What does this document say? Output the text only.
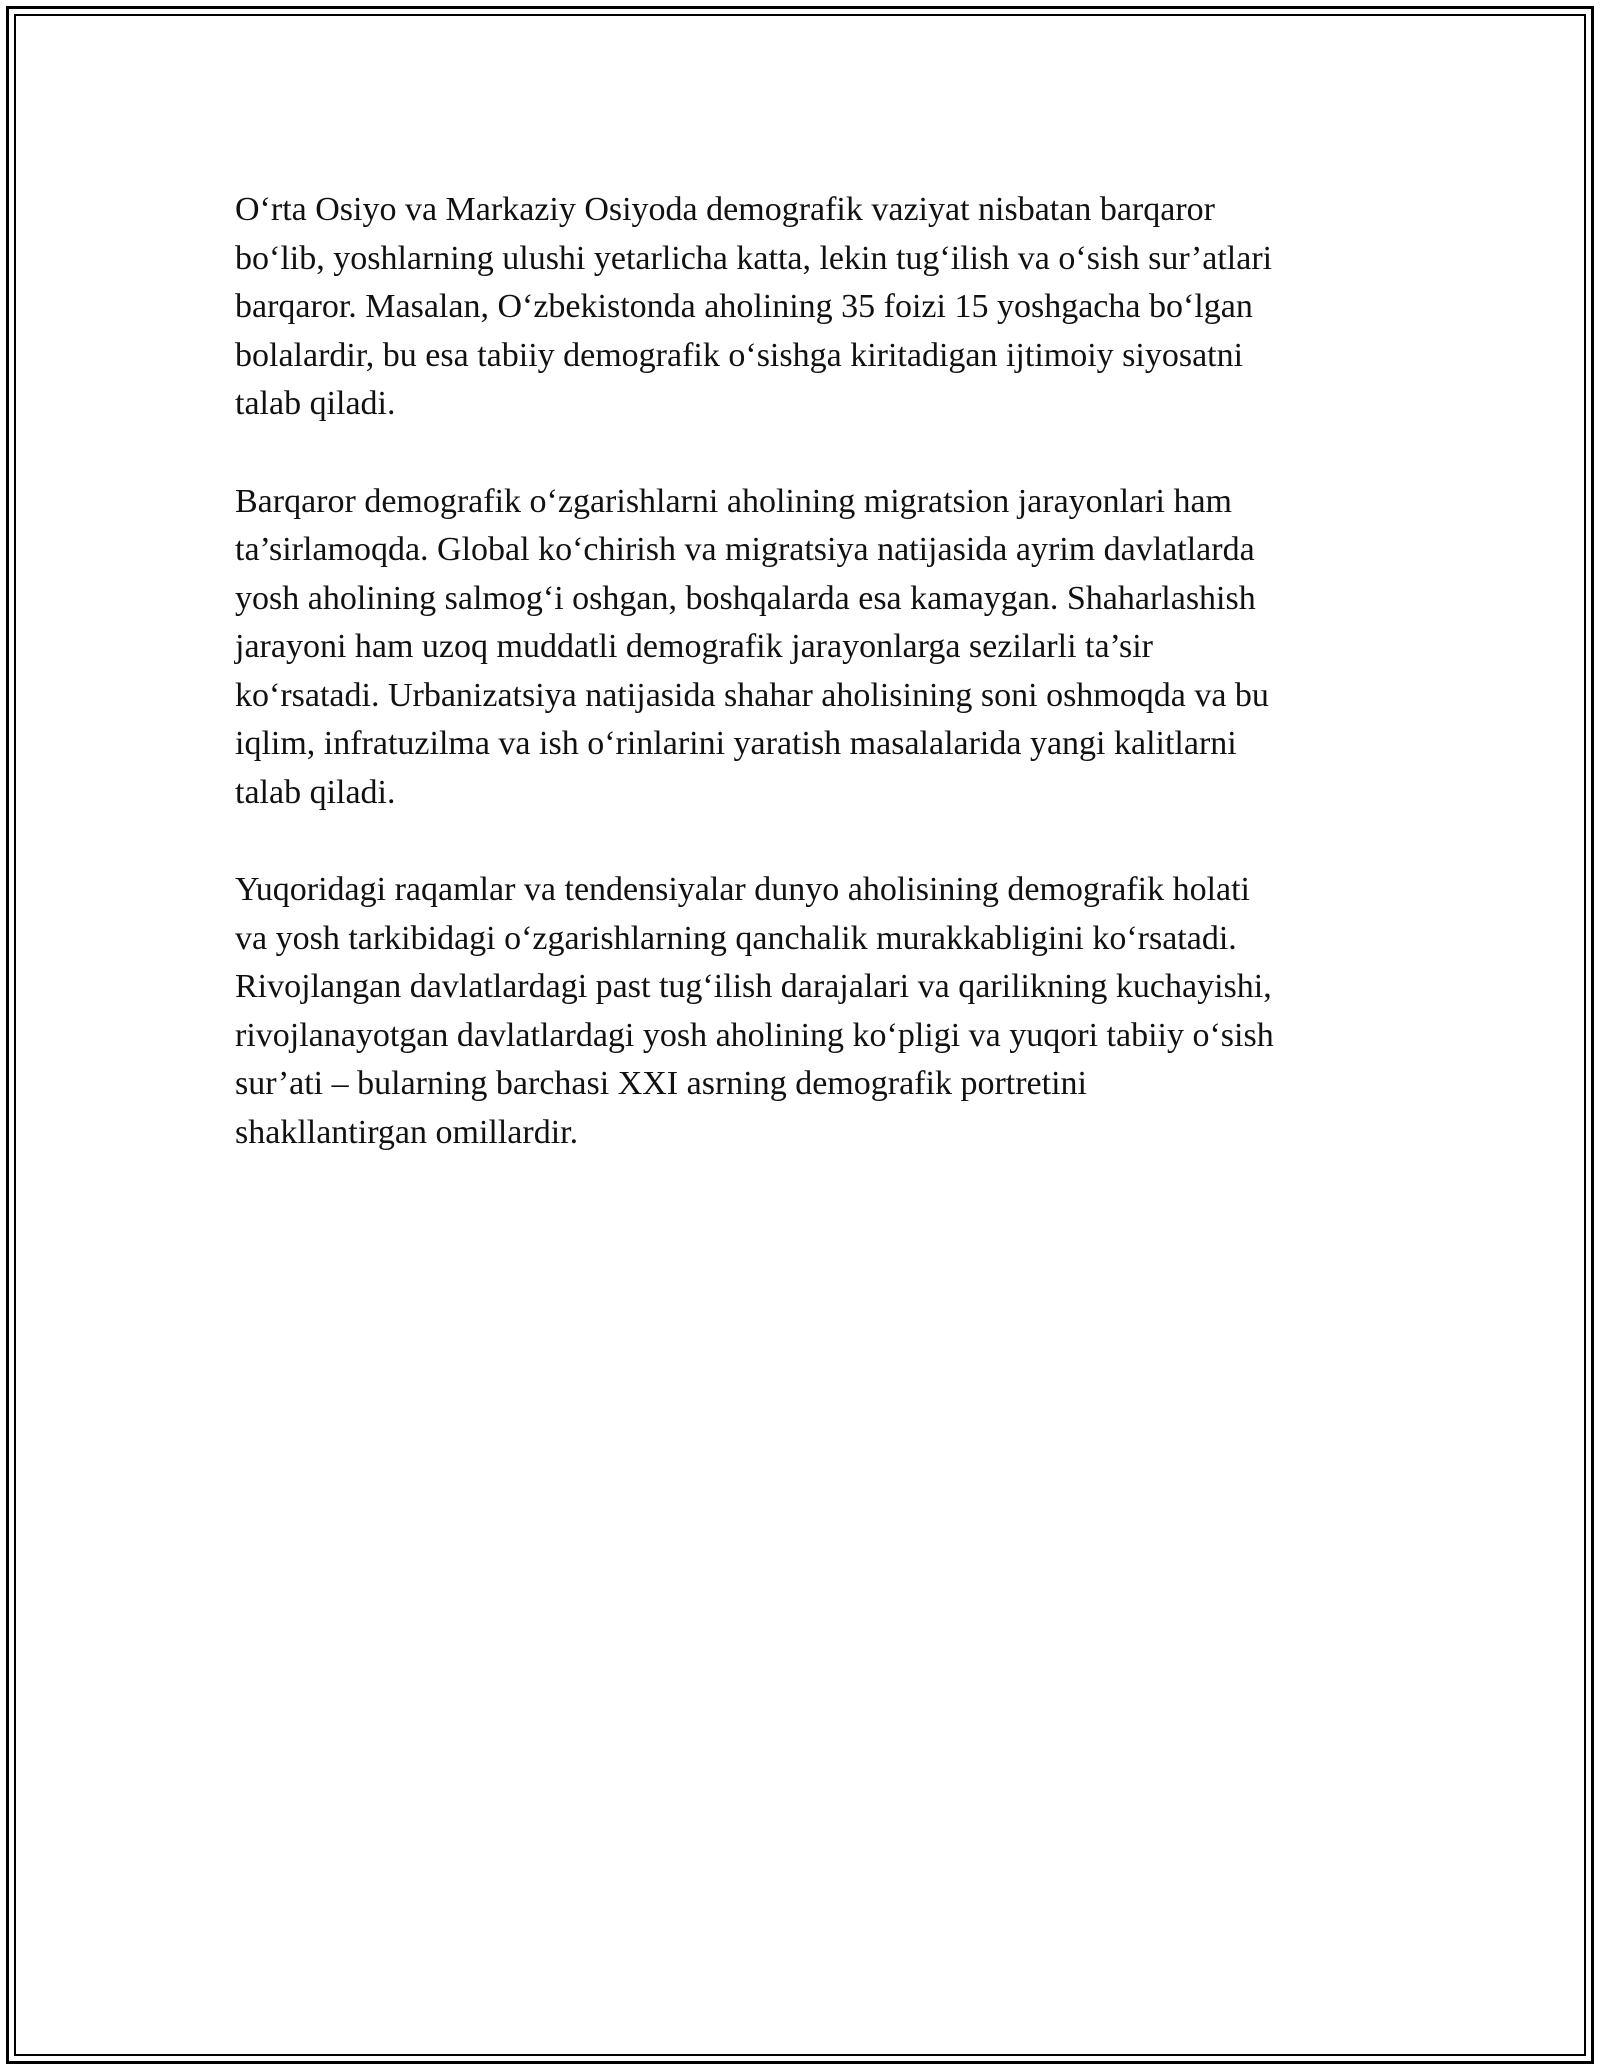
O‘rta Osiyo va Markaziy Osiyoda demografik vaziyat nisbatan barqaror
bo‘lib, yoshlarning ulushi yetarlicha katta, lekin tug‘ilish va o‘sish sur’atlari
barqaror. Masalan, O‘zbekistonda aholining 35 foizi 15 yoshgacha bo‘lgan
bolalardir, bu esa tabiiy demografik o‘sishga kiritadigan ijtimoiy siyosatni
talab qiladi.

Barqaror demografik o‘zgarishlarni aholining migratsion jarayonlari ham
ta’sirlamoqda. Global ko‘chirish va migratsiya natijasida ayrim davlatlarda
yosh aholining salmog‘i oshgan, boshqalarda esa kamaygan. Shaharlashish
jarayoni ham uzoq muddatli demografik jarayonlarga sezilarli ta’sir
ko‘rsatadi. Urbanizatsiya natijasida shahar aholisining soni oshmoqda va bu
iqlim, infratuzilma va ish o‘rinlarini yaratish masalalarida yangi kalitlarni
talab qiladi.

Yuqoridagi raqamlar va tendensiyalar dunyo aholisining demografik holati
va yosh tarkibidagi o‘zgarishlarning qanchalik murakkabligini ko‘rsatadi.
Rivojlangan davlatlardagi past tug‘ilish darajalari va qarilikning kuchayishi,
rivojlanayotgan davlatlardagi yosh aholining ko‘pligi va yuqori tabiiy o‘sish
sur’ati – bularning barchasi XXI asrning demografik portretini
shakllantirgan omillardir.
